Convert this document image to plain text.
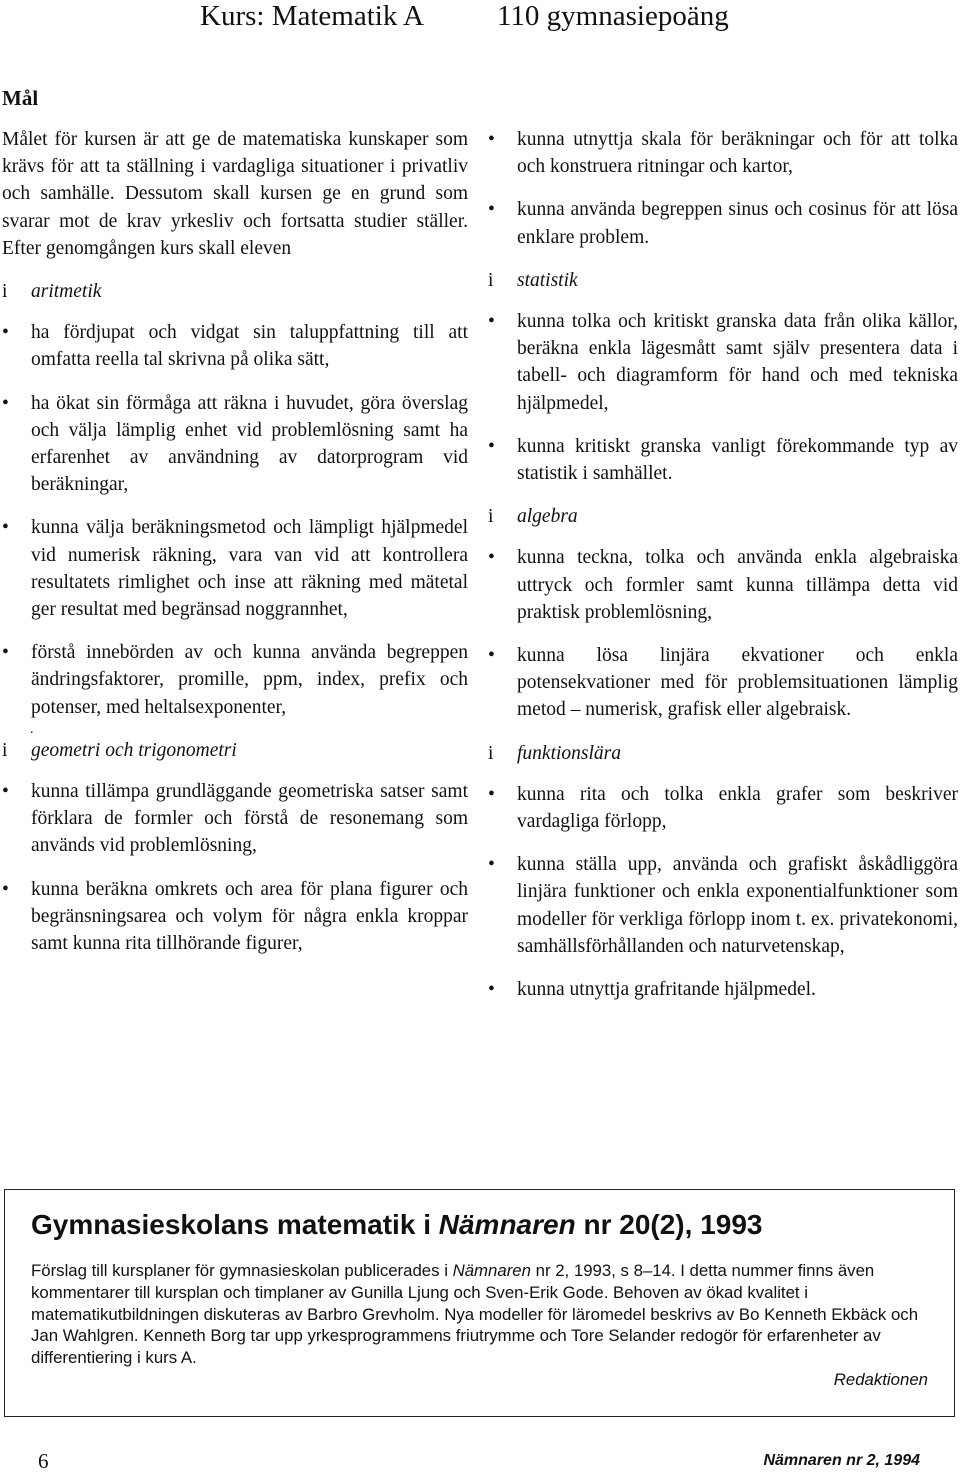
Kurs: Matematik A	110 gymnasiepoäng
Mål
Målet för kursen är att ge de matematiska kunskaper som krävs för att ta ställning i vardagliga situationer i privatliv och samhälle. Dessutom skall kursen ge en grund som svarar mot de krav yrkesliv och fortsatta studier ställer. Efter genomgången kurs skall eleven
i	aritmetik
• ha fördjupat och vidgat sin taluppfattning till att omfatta reella tal skrivna på olika sätt,
• ha ökat sin förmåga att räkna i huvudet, göra överslag och välja lämplig enhet vid problemlösning samt ha erfarenhet av användning av datorprogram vid beräkningar,
• kunna välja beräkningsmetod och lämpligt hjälpmedel vid numerisk räkning, vara van vid att kontrollera resultatets rimlighet och inse att räkning med mätetal ger resultat med begränsad noggrannhet,
• förstå innebörden av och kunna använda begreppen ändringsfaktorer, promille, ppm, index, prefix och potenser, med heltalsexponenter,
.
i	geometri och trigonometri
• kunna tillämpa grundläggande geometriska satser samt förklara de formler och förstå de resonemang som används vid problemlösning,
• kunna beräkna omkrets och area för plana figurer och begränsningsarea och volym för några enkla kroppar samt kunna rita tillhörande figurer,
• kunna utnyttja skala för beräkningar och för att tolka och konstruera ritningar och kartor,
• kunna använda begreppen sinus och cosinus för att lösa enklare problem.
i	statistik
• kunna tolka och kritiskt granska data från olika källor, beräkna enkla lägesmått samt själv presentera data i tabell- och diagramform för hand och med tekniska hjälpmedel,
• kunna kritiskt granska vanligt förekommande typ av statistik i samhället.
i	algebra
• kunna teckna, tolka och använda enkla algebraiska uttryck och formler samt kunna tillämpa detta vid praktisk problemlösning,
• kunna lösa linjära ekvationer och enkla potensekvationer med för problemsituationen lämplig metod – numerisk, grafisk eller algebraisk.
i	funktionslära
• kunna rita och tolka enkla grafer som beskriver vardagliga förlopp,
• kunna ställa upp, använda och grafiskt åskådliggöra linjära funktioner och enkla exponentialfunktioner som modeller för verkliga förlopp inom t. ex. privatekonomi, samhällsförhållanden och naturvetenskap,
• kunna utnyttja grafritande hjälpmedel.
Gymnasieskolans matematik i Nämnaren nr 20(2), 1993

Förslag till kursplaner för gymnasieskolan publicerades i Nämnaren nr 2, 1993, s 8–14. I detta nummer finns även kommentarer till kursplan och timplaner av Gunilla Ljung och Sven-Erik Gode. Behoven av ökad kvalitet i matematikutbildningen diskuteras av Barbro Grevholm. Nya modeller för läromedel beskrivs av Bo Kenneth Ekbäck och Jan Wahlgren. Kenneth Borg tar upp yrkesprogrammens friutrymme och Tore Selander redogör för erfarenheter av differentiering i kurs A.

Redaktionen
6	Nämnaren nr 2, 1994
